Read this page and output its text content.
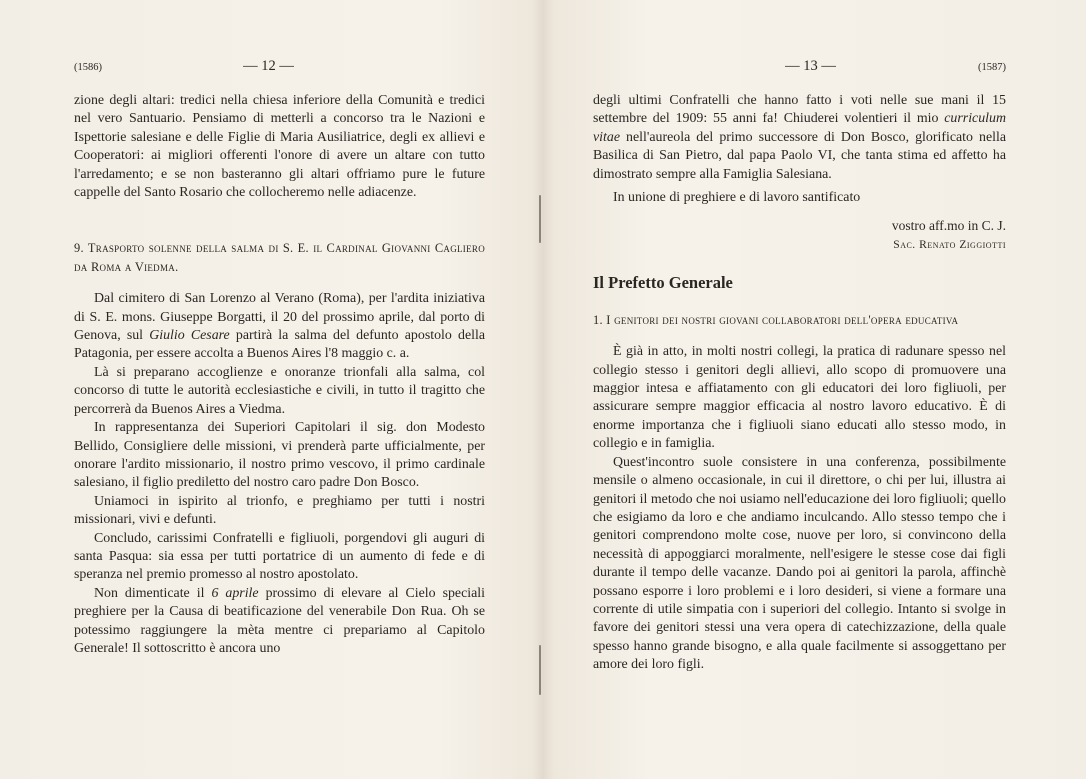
(1586)	— 12 —

zione degli altari: tredici nella chiesa inferiore della Comunità e tredici nel vero Santuario. Pensiamo di metterli a concorso tra le Nazioni e Ispettorie salesiane e delle Figlie di Maria Ausiliatrice, degli ex allievi e Cooperatori: ai migliori offerenti l'onore di avere un altare con tutto l'arredamento; e se non basteranno gli altari offriamo pure le future cappelle del Santo Rosario che collocheremo nelle adiacenze.

9. Trasporto solenne della salma di S. E. il Cardinal Giovanni Cagliero da Roma a Viedma.

Dal cimitero di San Lorenzo al Verano (Roma), per l'ardita iniziativa di S. E. mons. Giuseppe Borgatti, il 20 del prossimo aprile, dal porto di Genova, sul Giulio Cesare partirà la salma del defunto apostolo della Patagonia, per essere accolta a Buenos Aires l'8 maggio c. a.

Là si preparano accoglienze e onoranze trionfali alla salma, col concorso di tutte le autorità ecclesiastiche e civili, in tutto il tragitto che percorrerà da Buenos Aires a Viedma.

In rappresentanza dei Superiori Capitolari il sig. don Modesto Bellido, Consigliere delle missioni, vi prenderà parte ufficialmente, per onorare l'ardito missionario, il nostro primo vescovo, il primo cardinale salesiano, il figlio prediletto del nostro caro padre Don Bosco.

Uniamoci in ispirito al trionfo, e preghiamo per tutti i nostri missionari, vivi e defunti.

Concludo, carissimi Confratelli e figliuoli, porgendovi gli auguri di santa Pasqua: sia essa per tutti portatrice di un aumento di fede e di speranza nel premio promesso al nostro apostolato.

Non dimenticate il 6 aprile prossimo di elevare al Cielo speciali preghiere per la Causa di beatificazione del venerabile Don Rua. Oh se potessimo raggiungere la mèta mentre ci prepariamo al Capitolo Generale! Il sottoscritto è ancora uno

— 13 —	(1587)

degli ultimi Confratelli che hanno fatto i voti nelle sue mani il 15 settembre del 1909: 55 anni fa! Chiuderei volentieri il mio curriculum vitae nell'aureola del primo successore di Don Bosco, glorificato nella Basilica di San Pietro, dal papa Paolo VI, che tanta stima ed affetto ha dimostrato sempre alla Famiglia Salesiana.

In unione di preghiere e di lavoro santificato

vostro aff.mo in C. J.
Sac. Renato Ziggiotti
Il Prefetto Generale

1. I genitori dei nostri giovani collaboratori dell'opera educativa

È già in atto, in molti nostri collegi, la pratica di radunare spesso nel collegio stesso i genitori degli allievi, allo scopo di promuovere una maggior intesa e affiatamento con gli educatori dei loro figliuoli, per assicurare sempre maggior efficacia al nostro lavoro educativo. È di enorme importanza che i figliuoli siano educati allo stesso modo, in collegio e in famiglia.

Quest'incontro suole consistere in una conferenza, possibilmente mensile o almeno occasionale, in cui il direttore, o chi per lui, illustra ai genitori il metodo che noi usiamo nell'educazione dei loro figliuoli; quello che esigiamo da loro e che andiamo inculcando. Allo stesso tempo che i genitori comprendono molte cose, nuove per loro, si convincono della necessità di appoggiarci moralmente, nell'esigere le stesse cose dai figli durante il tempo delle vacanze. Dando poi ai genitori la parola, affinchè possano esporre i loro problemi e i loro desideri, si viene a formare una corrente di utile simpatia con i superiori del collegio. Intanto si svolge in favore dei genitori stessi una vera opera di catechizzazione, della quale spesso hanno grande bisogno, e alla quale facilmente si assoggettano per amore dei loro figli.
